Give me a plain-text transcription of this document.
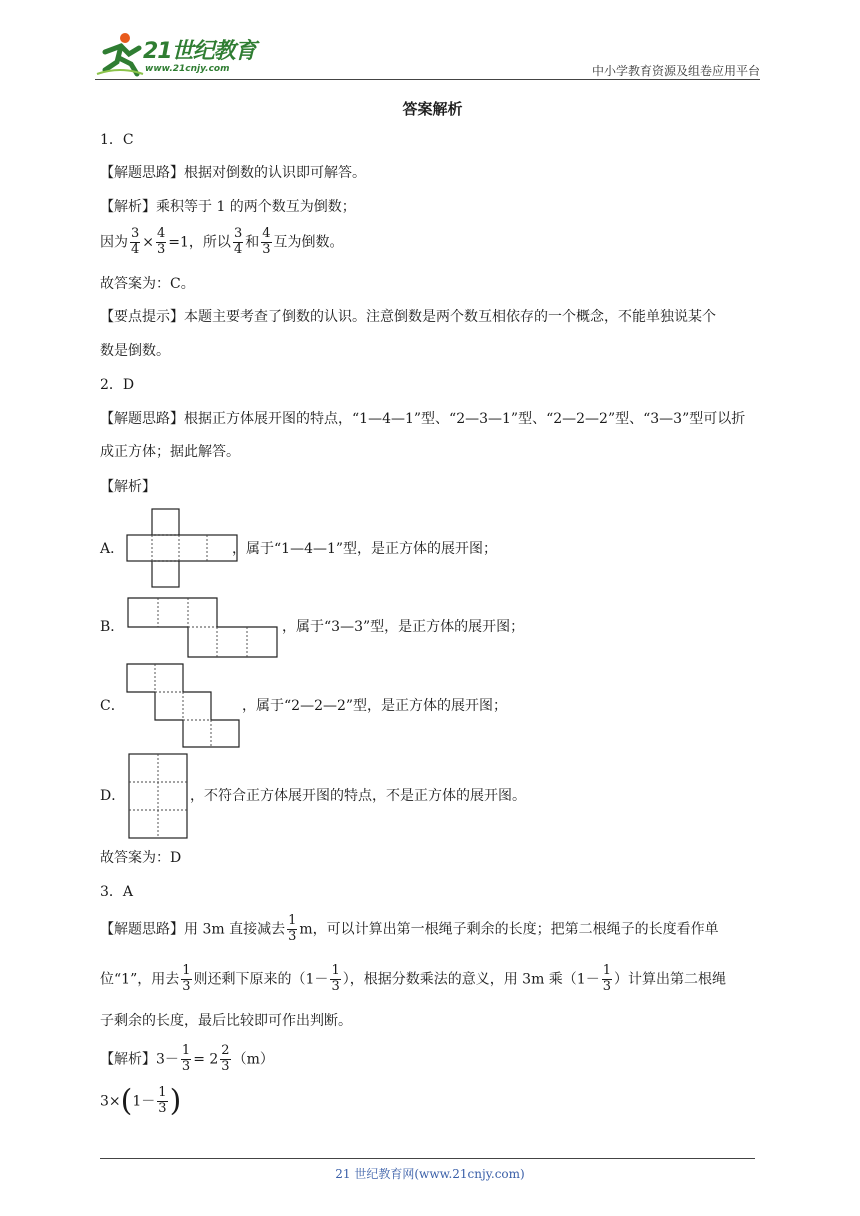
21世纪教育
www.21cnjy.com	中小学教育资源及组卷应用平台
答案解析
1．C
【解题思路】根据对倒数的认识即可解答。
【解析】乘积等于 1 的两个数互为倒数；
因为 $\frac{3}{4} \times \frac{4}{3} =1$，所以 $\frac{3}{4}$ 和 $\frac{4}{3}$ 互为倒数。
故答案为：C。
【要点提示】本题主要考查了倒数的认识。注意倒数是两个数互相依存的一个概念，不能单独说某个
数是倒数。
2．D
【解题思路】根据正方体展开图的特点，“1—4—1”型、“2—3—1”型、“2—2—2”型、“3—3”型可以折
成正方体；据此解答。
【解析】
A．	，属于“1—4—1”型，是正方体的展开图；
B．	，属于“3—3”型，是正方体的展开图；
C．	，属于“2—2—2”型，是正方体的展开图；
D．	，不符合正方体展开图的特点，不是正方体的展开图。
故答案为：D
3．A
【解题思路】用 3m 直接减去 $\frac{1}{3}$ m，可以计算出第一根绳子剩余的长度；把第二根绳子的长度看作单
位“1”，用去 $\frac{1}{3}$ 则还剩下原来的（$1- \frac{1}{3}$ ），根据分数乘法的意义，用 3m 乘（$1- \frac{1}{3}$ ）计算出第二根绳
子剩余的长度，最后比较即可作出判断。
【解析】$3- \frac{1}{3} = 2 \frac{2}{3} (m)$
$3\times(1- \frac{1}{3}$ )
21 世纪教育网(www.21cnjy.com)
